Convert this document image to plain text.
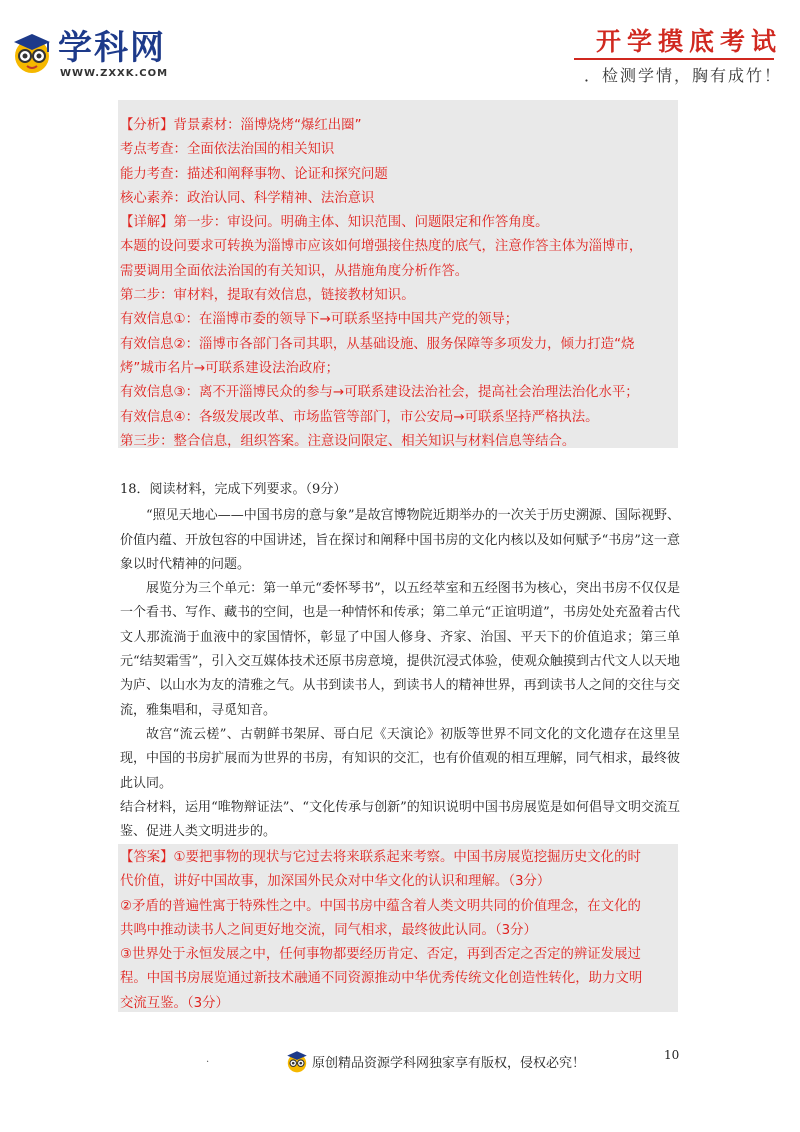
学科网
WWW.ZXXK.COM
开学摸底考试
．检测学情，胸有成竹！

【分析】背景素材：淄博烧烤“爆红出圈”

考点考查：全面依法治国的相关知识

能力考查：描述和阐释事物、论证和探究问题

核心素养：政治认同、科学精神、法治意识

【详解】第一步：审设问。明确主体、知识范围、问题限定和作答角度。

本题的设问要求可转换为淄博市应该如何增强接住热度的底气，注意作答主体为淄博市，

需要调用全面依法治国的有关知识，从措施角度分析作答。

第二步：审材料，提取有效信息，链接教材知识。

有效信息①：在淄博市委的领导下→可联系坚持中国共产党的领导；

有效信息②：淄博市各部门各司其职，从基础设施、服务保障等多项发力，倾力打造“烧

烤”城市名片→可联系建设法治政府；

有效信息③：离不开淄博民众的参与→可联系建设法治社会，提高社会治理法治化水平；

有效信息④：各级发展改革、市场监管等部门，市公安局→可联系坚持严格执法。

第三步：整合信息，组织答案。注意设问限定、相关知识与材料信息等结合。

18．阅读材料，完成下列要求。（9分）

“照见天地心——中国书房的意与象”是故宫博物院近期举办的一次关于历史溯源、国际视野、价值内蕴、开放包容的中国讲述，旨在探讨和阐释中国书房的文化内核以及如何赋予“书房”这一意象以时代精神的问题。

展览分为三个单元：第一单元“委怀琴书”，以五经萃室和五经图书为核心，突出书房不仅仅是一个看书、写作、藏书的空间，也是一种情怀和传承；第二单元“正谊明道”，书房处处充盈着古代文人那流淌于血液中的家国情怀，彰显了中国人修身、齐家、治国、平天下的价值追求；第三单元“结契霜雪”，引入交互媒体技术还原书房意境，提供沉浸式体验，使观众触摸到古代文人以天地为庐、以山水为友的清雅之气。从书到读书人，到读书人的精神世界，再到读书人之间的交往与交流，雅集唱和，寻觅知音。

故宫“流云槎”、古朝鲜书架屏、哥白尼《天演论》初版等世界不同文化的文化遗存在这里呈现，中国的书房扩展而为世界的书房，有知识的交汇，也有价值观的相互理解，同气相求，最终彼此认同。

结合材料，运用“唯物辩证法”、“文化传承与创新”的知识说明中国书房展览是如何倡导文明交流互鉴、促进人类文明进步的。

【答案】①要把事物的现状与它过去将来联系起来考察。中国书房展览挖掘历史文化的时

代价值，讲好中国故事，加深国外民众对中华文化的认识和理解。（3分）

②矛盾的普遍性寓于特殊性之中。中国书房中蕴含着人类文明共同的价值理念，在文化的

共鸣中推动读书人之间更好地交流，同气相求，最终彼此认同。（3分）

③世界处于永恒发展之中，任何事物都要经历肯定、否定，再到否定之否定的辨证发展过

程。中国书房展览通过新技术融通不同资源推动中华优秀传统文化创造性转化，助力文明

交流互鉴。（3分）

.	原创精品资源学科网独家享有版权，侵权必究！
10
